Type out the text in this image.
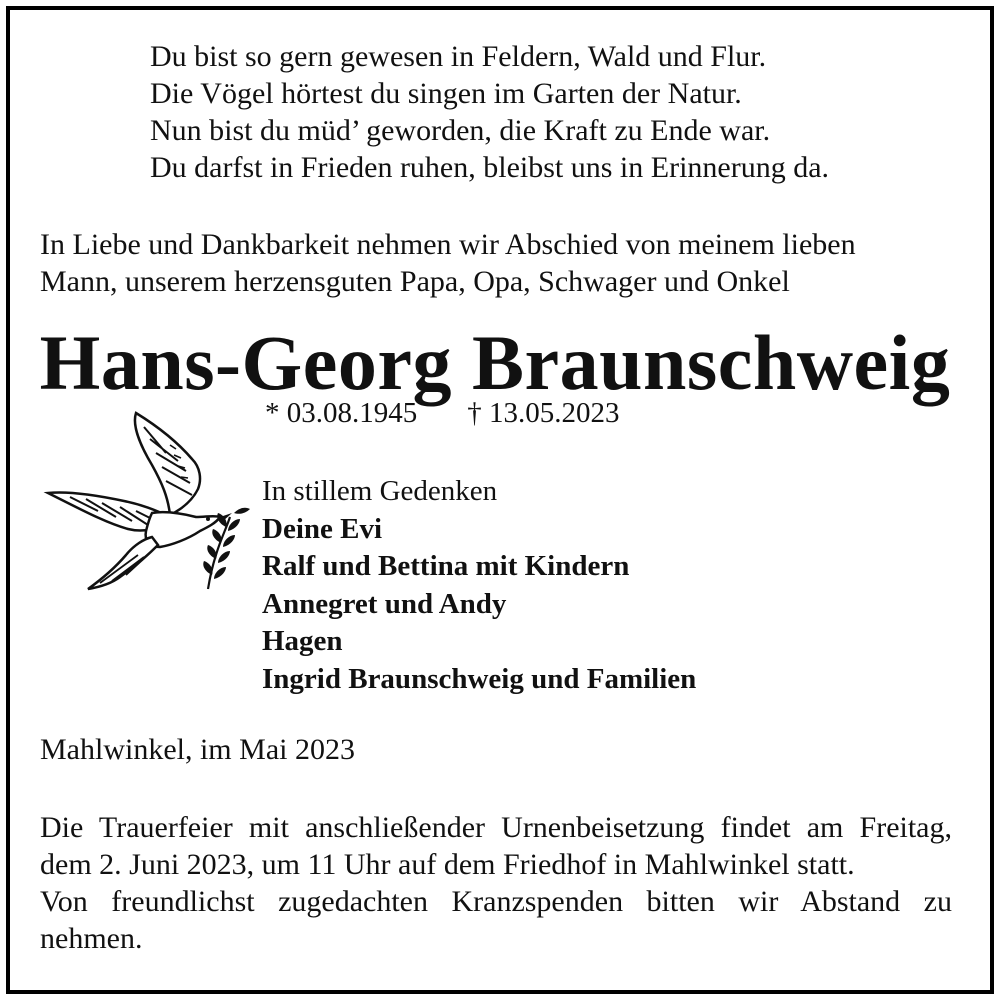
Du bist so gern gewesen in Feldern, Wald und Flur.
Die Vögel hörtest du singen im Garten der Natur.
Nun bist du müd’ geworden, die Kraft zu Ende war.
Du darfst in Frieden ruhen, bleibst uns in Erinnerung da.
In Liebe und Dankbarkeit nehmen wir Abschied von meinem lieben
Mann, unserem herzensguten Papa, Opa, Schwager und Onkel
Hans-Georg Braunschweig
* 03.08.1945 † 13.05.2023
In stillem Gedenken
Deine Evi
Ralf und Bettina mit Kindern
Annegret und Andy
Hagen
Ingrid Braunschweig und Familien
Mahlwinkel, im Mai 2023
Die Trauerfeier mit anschließender Urnenbeisetzung findet am Freitag,
dem 2. Juni 2023, um 11 Uhr auf dem Friedhof in Mahlwinkel statt.
Von freundlichst zugedachten Kranzspenden bitten wir Abstand zu
nehmen.
